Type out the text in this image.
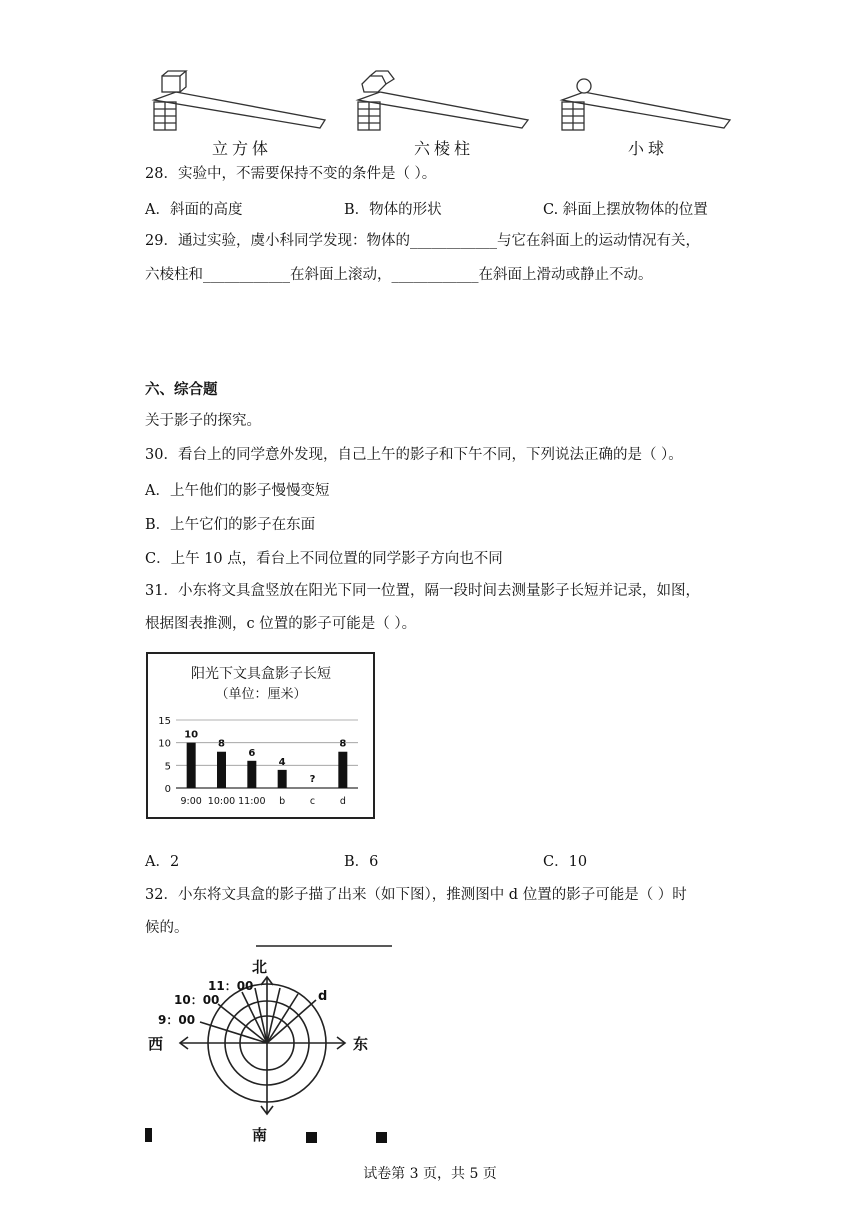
立方体	六棱柱	小球
28．实验中，不需要保持不变的条件是（ ）。
A．斜面的高度	B．物体的形状	C. 斜面上摆放物体的位置
29．通过实验，虞小科同学发现：物体的____________与它在斜面上的运动情况有关，
六棱柱和____________在斜面上滚动，____________在斜面上滑动或静止不动。
六、综合题
关于影子的探究。
30．看台上的同学意外发现，自己上午的影子和下午不同，下列说法正确的是（ ）。
A．上午他们的影子慢慢变短
B．上午它们的影子在东面
C．上午 10 点，看台上不同位置的同学影子方向也不同
31．小东将文具盒竖放在阳光下同一位置，隔一段时间去测量影子长短并记录，如图，
根据图表推测，c 位置的影子可能是（ ）。
阳光下文具盒影子长短
（单位：厘米）
0
5
10
15
10
8
6
4
?
8
9:00 10:00 11:00 b	c	d
A．2	B．6	C．10
32．小东将文具盒的影子描了出来（如下图），推测图中 d 位置的影子可能是（ ）时
候的。
北
南
西	东
11：00
10：00
9：00
d
试卷第 3 页，共 5 页
